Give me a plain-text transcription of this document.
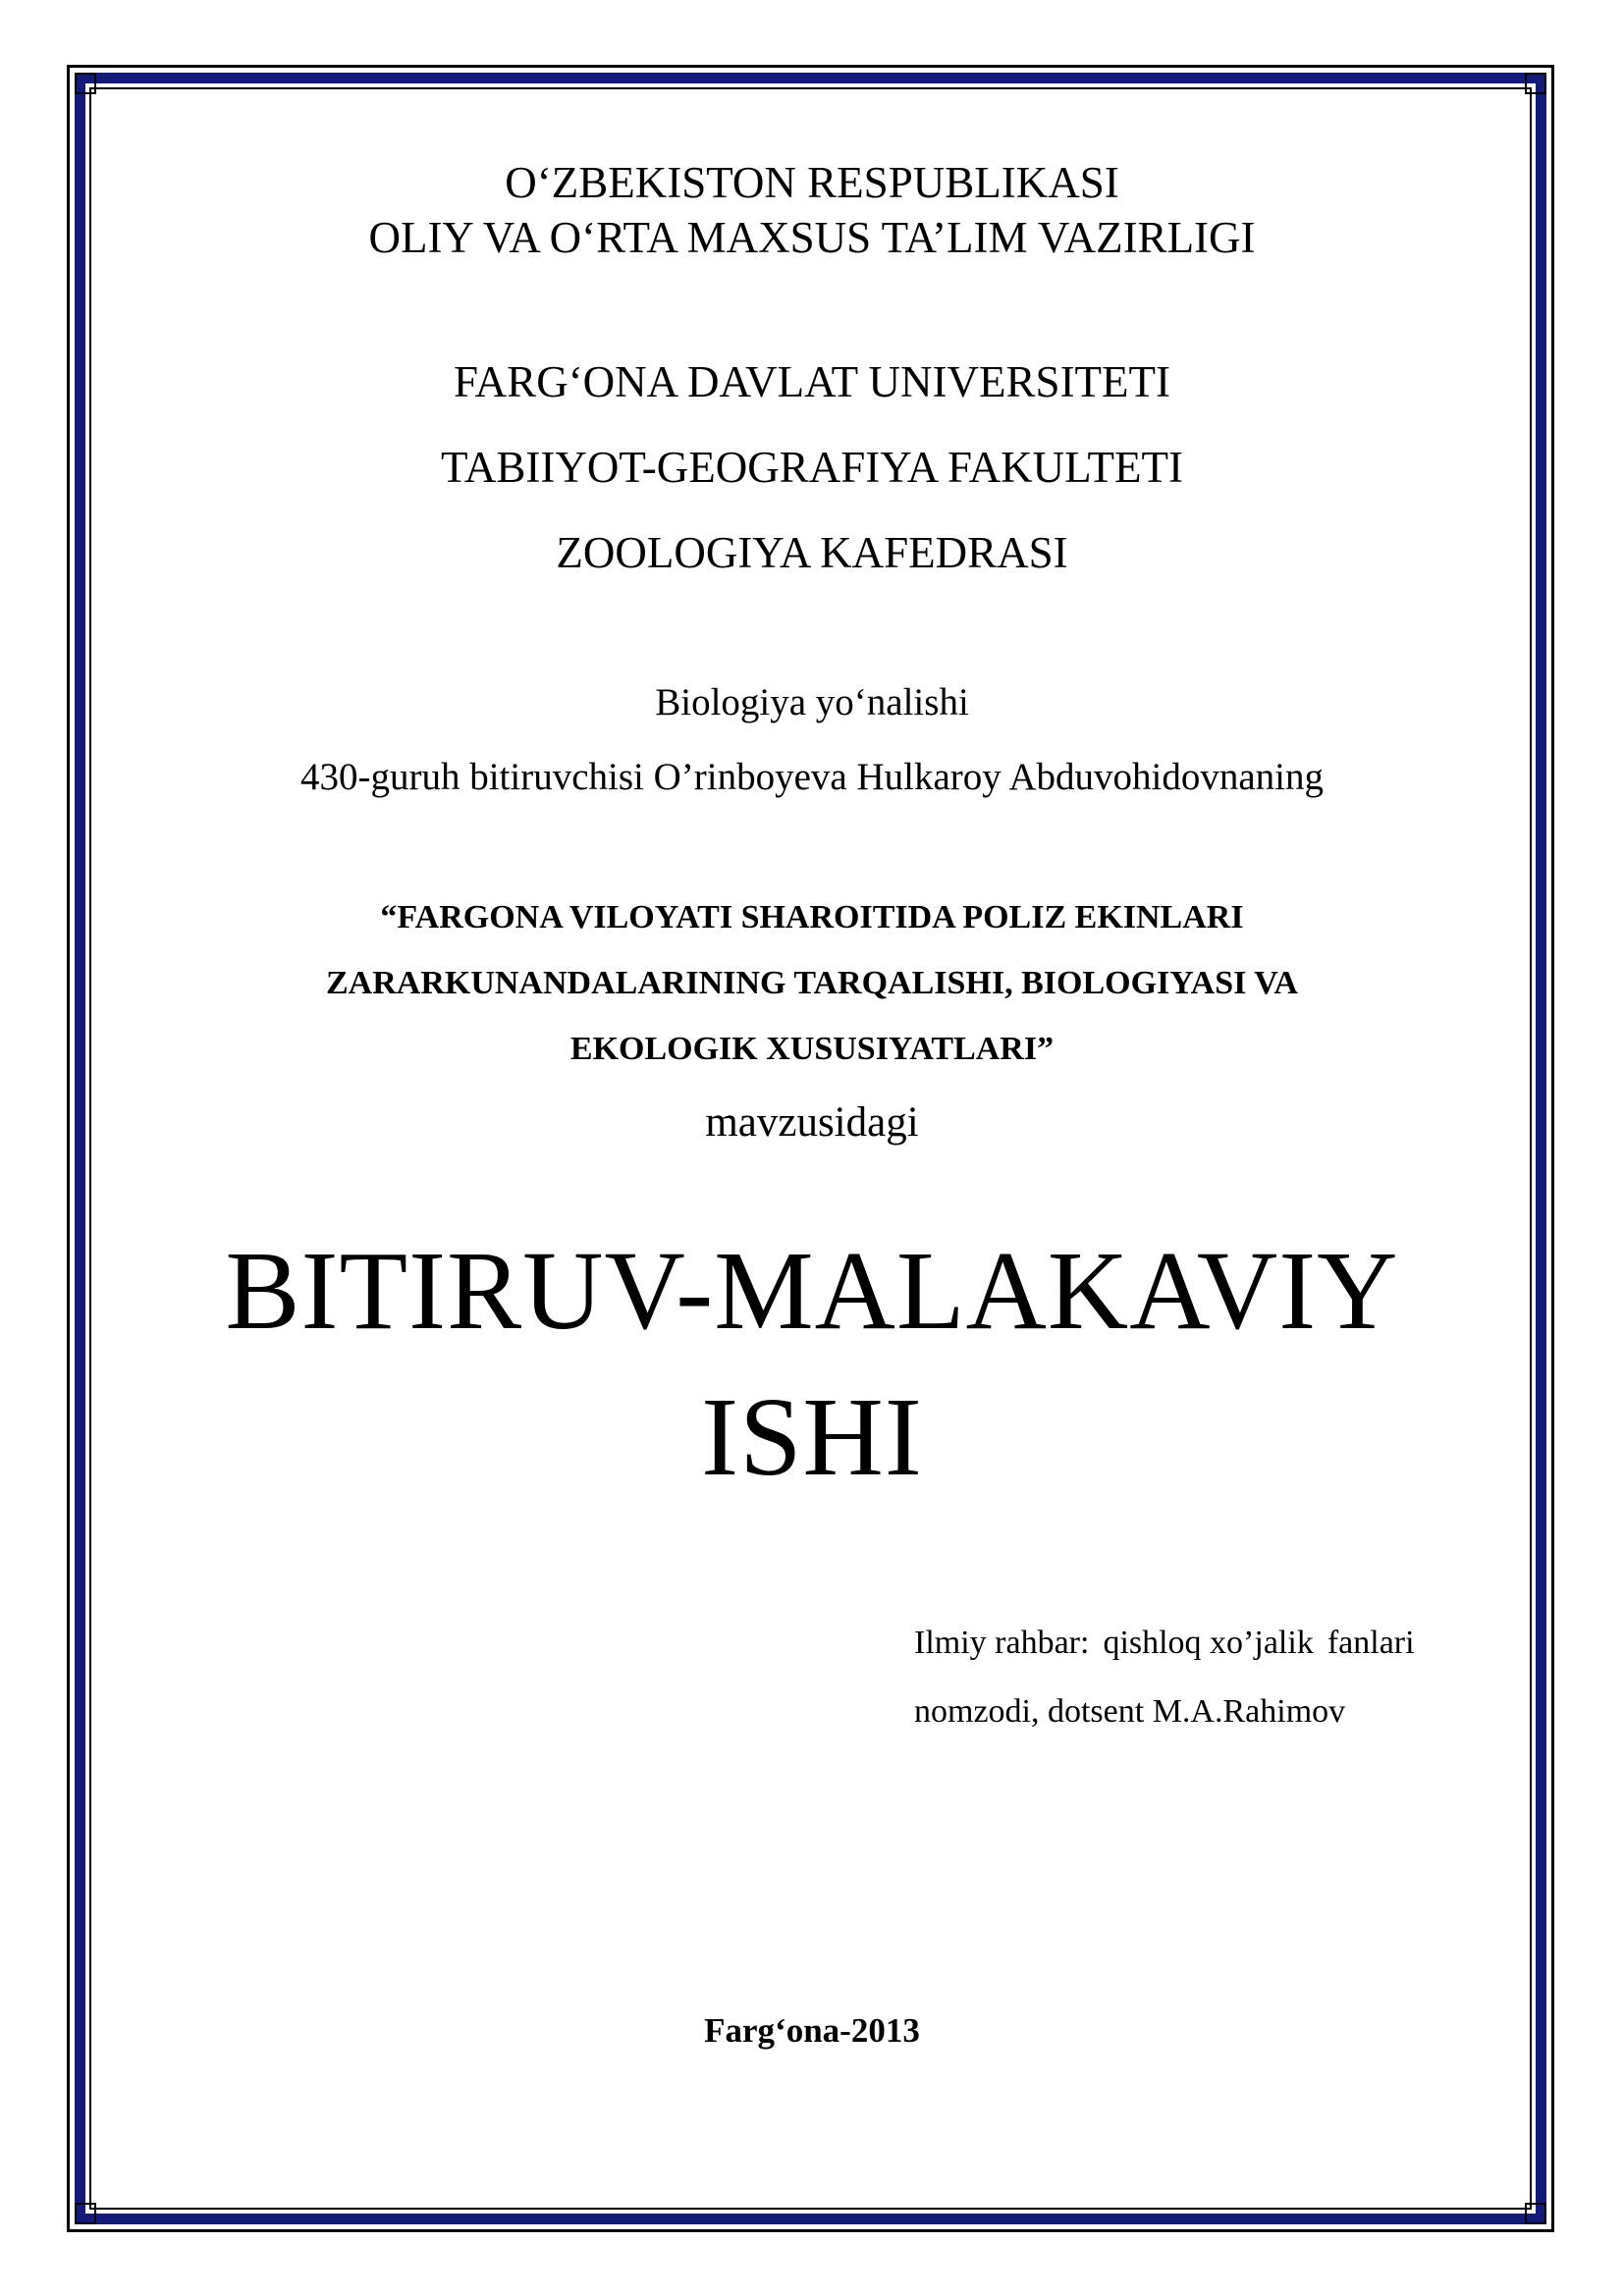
O‘ZBEKISTON RESPUBLIKASI
OLIY VA O‘RTA MAXSUS TA’LIM VAZIRLIGI
FARG‘ONA DAVLAT UNIVERSITETI
TABIIYOT-GEOGRAFIYA FAKULTETI
ZOOLOGIYA KAFEDRASI
Biologiya yo‘nalishi
430-guruh bitiruvchisi O’rinboyeva Hulkaroy Abduvohidovnaning
“FARGONA VILOYATI SHAROITIDA POLIZ EKINLARI
ZARARKUNANDALARINING TARQALISHI, BIOLOGIYASI VA
EKOLOGIK XUSUSIYATLARI”
mavzusidagi
BITIRUV-MALAKAVIY
ISHI
Ilmiy rahbar: qishloq xo’jalik fanlari
nomzodi, dotsent M.A.Rahimov
Farg‘ona-2013
